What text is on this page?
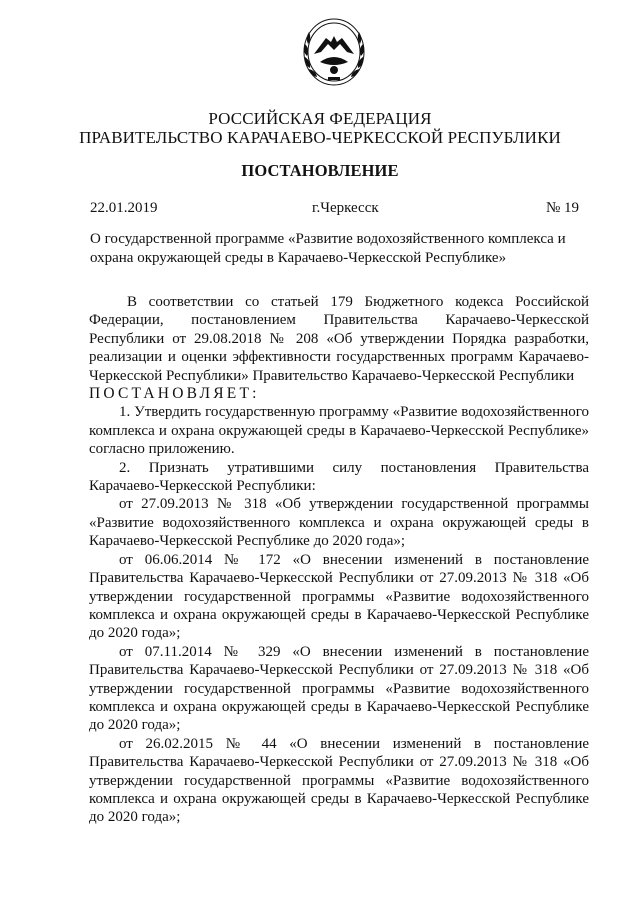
РОССИЙСКАЯ ФЕДЕРАЦИЯ
ПРАВИТЕЛЬСТВО КАРАЧАЕВО-ЧЕРКЕССКОЙ РЕСПУБЛИКИ
ПОСТАНОВЛЕНИЕ
22.01.2019	г.Черкесск	№ 19
О государственной программе «Развитие водохозяйственного комплекса и охрана окружающей среды в Карачаево-Черкесской Республике»

В соответствии со статьей 179 Бюджетного кодекса Российской Федерации, постановлением Правительства Карачаево-Черкесской Республики от 29.08.2018 № 208 «Об утверждении Порядка разработки, реализации и оценки эффективности государственных программ Карачаево-Черкесской Республики» Правительство Карачаево-Черкесской Республики

ПОСТАНОВЛЯЕТ:

1. Утвердить государственную программу «Развитие водохозяйственного комплекса и охрана окружающей среды в Карачаево-Черкесской Республике» согласно приложению.

2. Признать утратившими силу постановления Правительства Карачаево-Черкесской Республики:

от 27.09.2013 № 318 «Об утверждении государственной программы «Развитие водохозяйственного комплекса и охрана окружающей среды в Карачаево-Черкесской Республике до 2020 года»;

от 06.06.2014 № 172 «О внесении изменений в постановление Правительства Карачаево-Черкесской Республики от 27.09.2013 № 318 «Об утверждении государственной программы «Развитие водохозяйственного комплекса и охрана окружающей среды в Карачаево-Черкесской Республике до 2020 года»;

от 07.11.2014 № 329 «О внесении изменений в постановление Правительства Карачаево-Черкесской Республики от 27.09.2013 № 318 «Об утверждении государственной программы «Развитие водохозяйственного комплекса и охрана окружающей среды в Карачаево-Черкесской Республике до 2020 года»;

от 26.02.2015 № 44 «О внесении изменений в постановление Правительства Карачаево-Черкесской Республики от 27.09.2013 № 318 «Об утверждении государственной программы «Развитие водохозяйственного комплекса и охрана окружающей среды в Карачаево-Черкесской Республике до 2020 года»;
